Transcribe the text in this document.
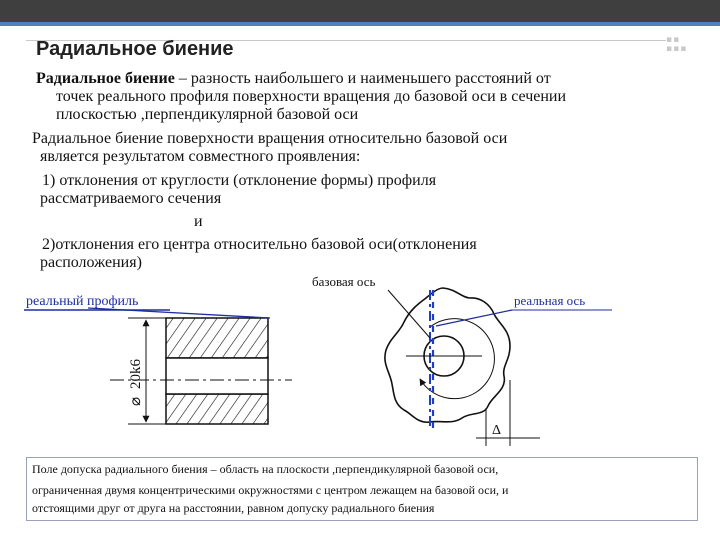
▪▪
▪▪▪
Радиальное биение

Радиальное биение – разность наибольшего и наименьшего расстояний от

точек реального профиля поверхности вращения до базовой оси в сечении

плоскостью ,перпендикулярной базовой оси

Радиальное биение поверхности вращения относительно базовой оси

является результатом совместного проявления:

1) отклонения от круглости (отклонение формы) профиля

рассматриваемого сечения

и

2)отклонения его центра относительно базовой оси(отклонения

расположения)

⌀
20k6
реальный профиль
базовая ось
реальная ось
Δ

Поле допуска радиального биения – область на плоскости ,перпендикулярной базовой оси,

ограниченная двумя концентрическими окружностями с центром лежащем на базовой оси, и

отстоящими друг от друга на расстоянии, равном допуску радиального биения
